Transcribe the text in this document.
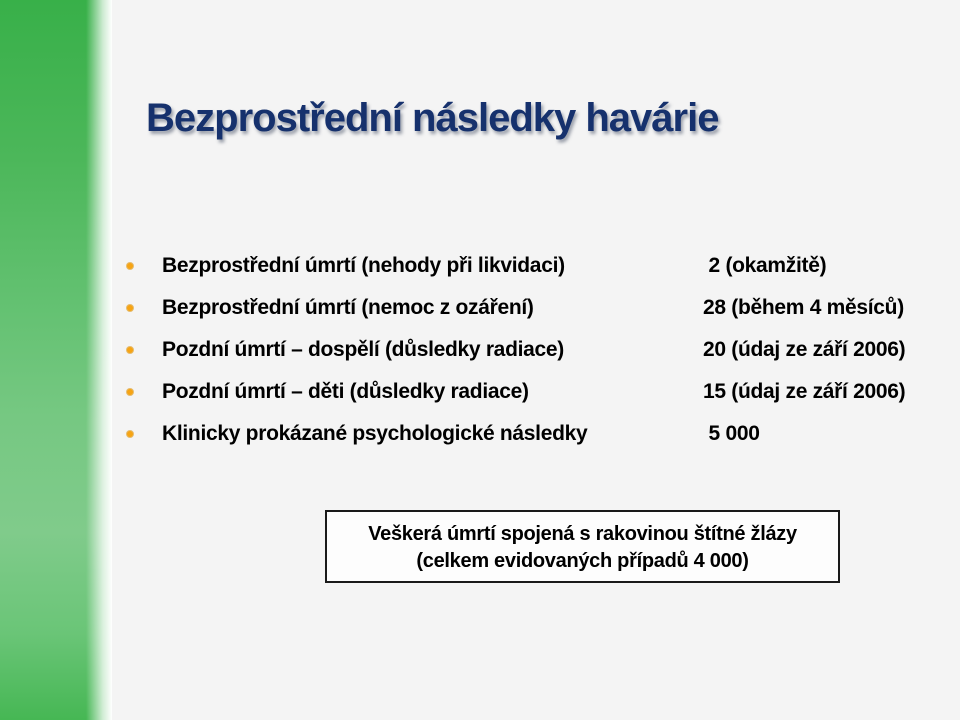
Bezprostřední následky havárie
Bezprostřední úmrtí (nehody při likvidaci)	2 (okamžitě)
Bezprostřední úmrtí (nemoc z ozáření)	28 (během 4 měsíců)
Pozdní úmrtí – dospělí (důsledky radiace)	20 (údaj ze září 2006)
Pozdní úmrtí – děti (důsledky radiace)	15 (údaj ze září 2006)
Klinicky prokázané psychologické následky	5 000
Veškerá úmrtí spojená s rakovinou štítné žlázy
(celkem evidovaných případů 4 000)
